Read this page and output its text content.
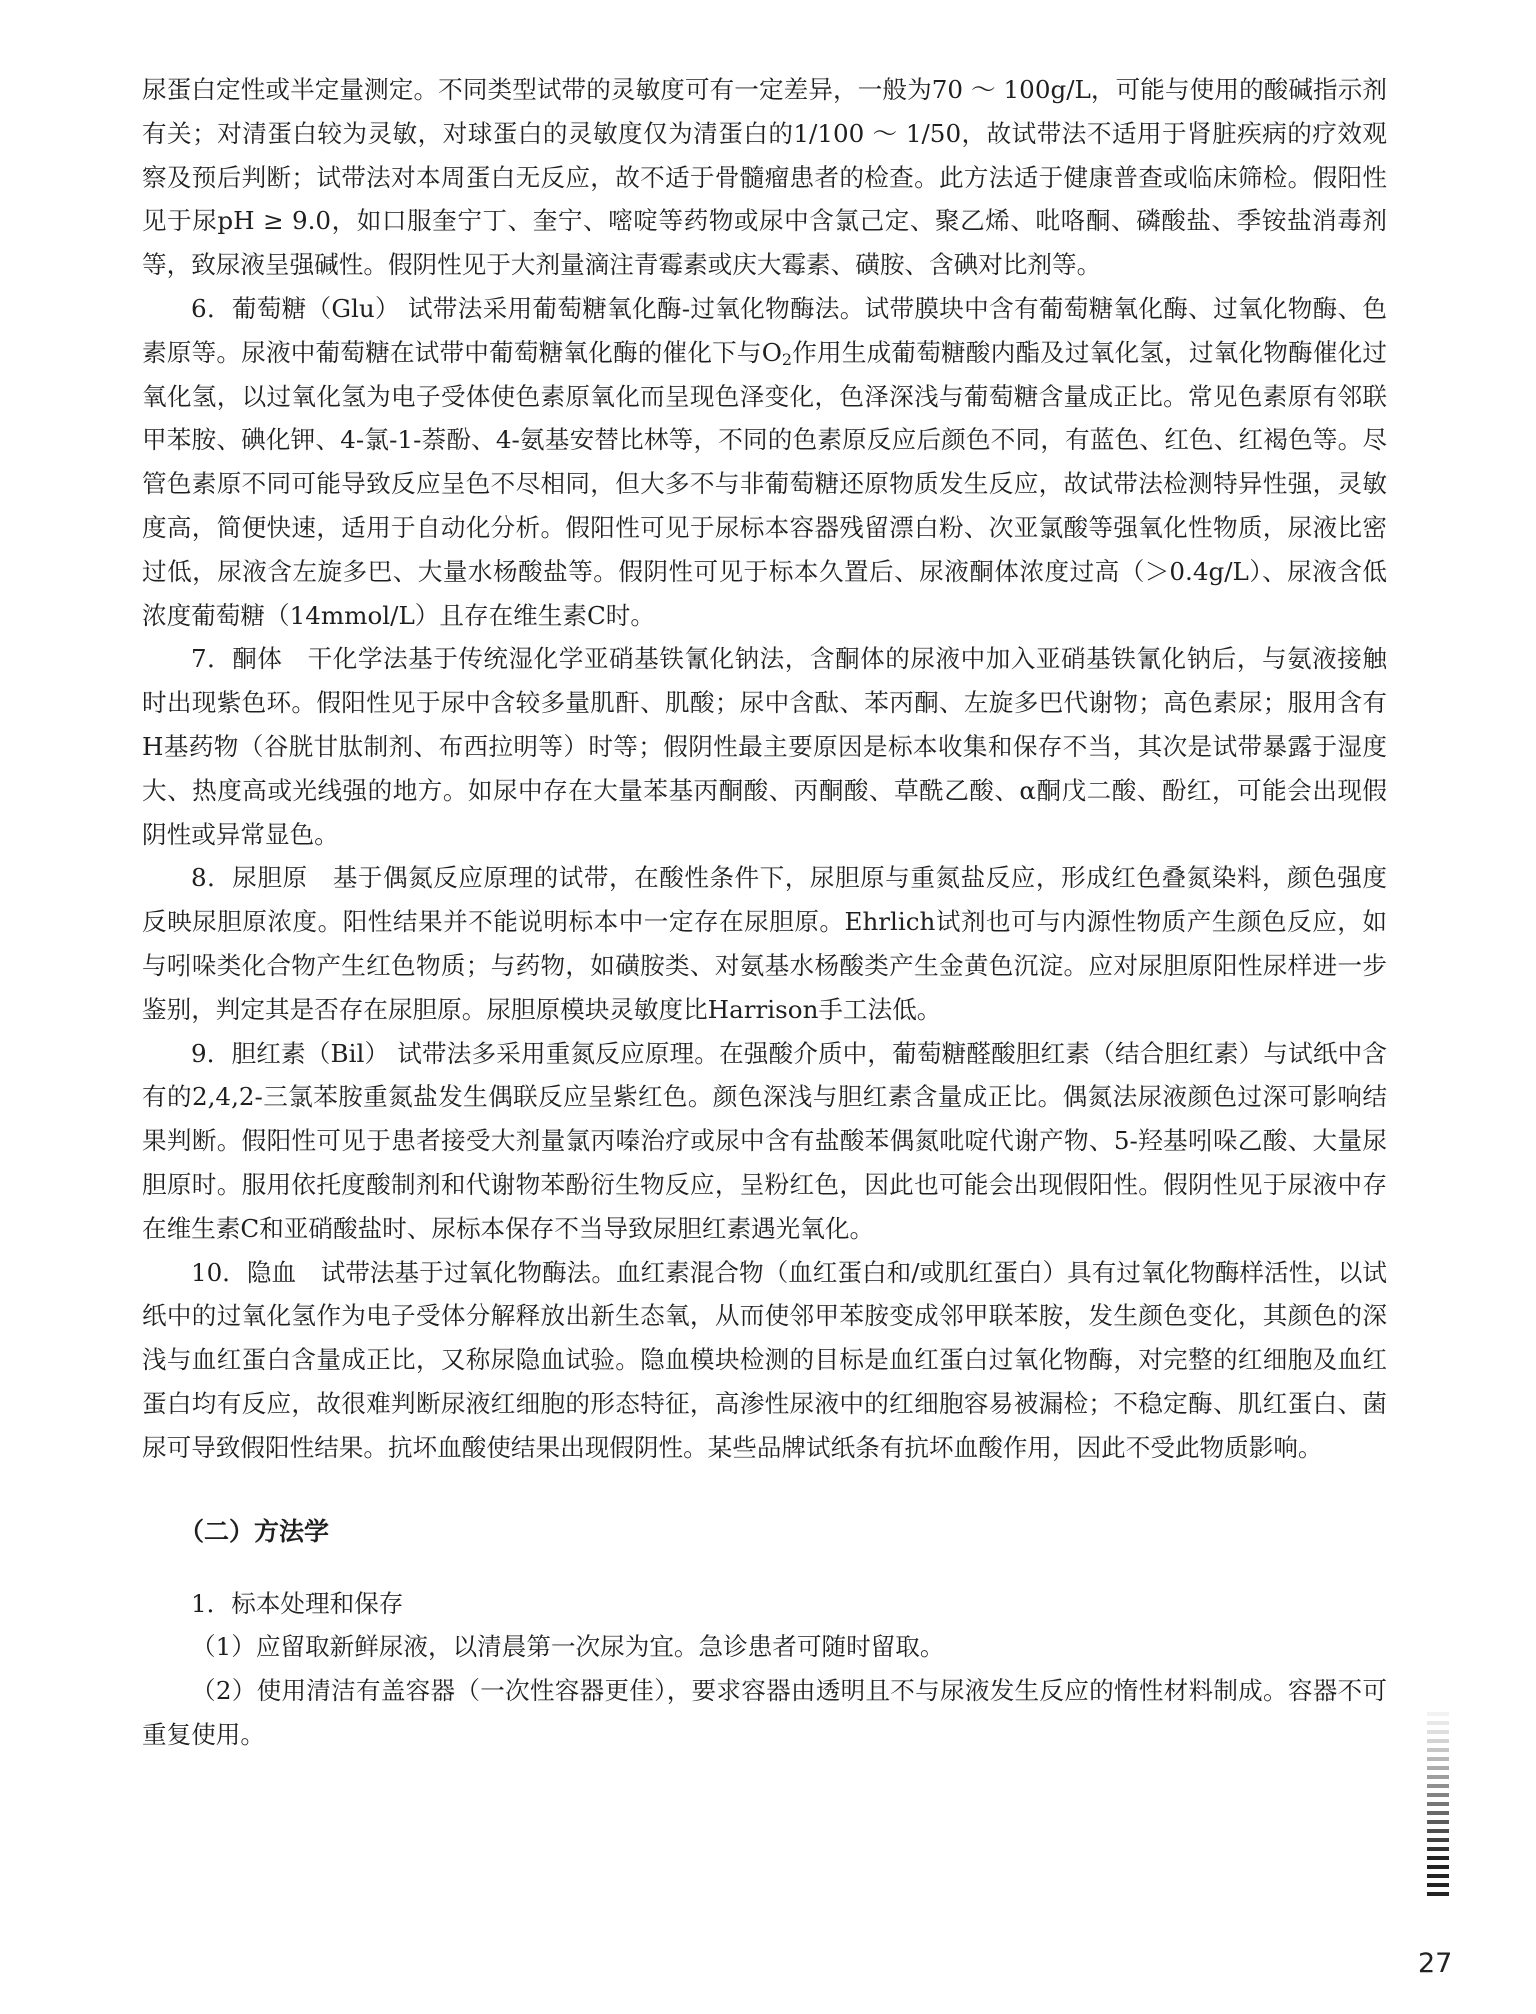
尿蛋白定性或半定量测定。不同类型试带的灵敏度可有一定差异，一般为70 ～ 100g/L，可能与使用的酸碱指示剂有关；对清蛋白较为灵敏，对球蛋白的灵敏度仅为清蛋白的1/100 ～ 1/50，故试带法不适用于肾脏疾病的疗效观察及预后判断；试带法对本周蛋白无反应，故不适于骨髓瘤患者的检查。此方法适于健康普查或临床筛检。假阳性见于尿pH ≥ 9.0，如口服奎宁丁、奎宁、嘧啶等药物或尿中含氯己定、聚乙烯、吡咯酮、磷酸盐、季铵盐消毒剂等，致尿液呈强碱性。假阴性见于大剂量滴注青霉素或庆大霉素、磺胺、含碘对比剂等。

6．葡萄糖（Glu） 试带法采用葡萄糖氧化酶-过氧化物酶法。试带膜块中含有葡萄糖氧化酶、过氧化物酶、色素原等。尿液中葡萄糖在试带中葡萄糖氧化酶的催化下与$O_2$作用生成葡萄糖酸内酯及过氧化氢，过氧化物酶催化过氧化氢，以过氧化氢为电子受体使色素原氧化而呈现色泽变化，色泽深浅与葡萄糖含量成正比。常见色素原有邻联甲苯胺、碘化钾、4-氯-1-萘酚、4-氨基安替比林等，不同的色素原反应后颜色不同，有蓝色、红色、红褐色等。尽管色素原不同可能导致反应呈色不尽相同，但大多不与非葡萄糖还原物质发生反应，故试带法检测特异性强，灵敏度高，简便快速，适用于自动化分析。假阳性可见于尿标本容器残留漂白粉、次亚氯酸等强氧化性物质，尿液比密过低，尿液含左旋多巴、大量水杨酸盐等。假阴性可见于标本久置后、尿液酮体浓度过高（＞0.4g/L）、尿液含低浓度葡萄糖（14mmol/L）且存在维生素C时。

7．酮体　干化学法基于传统湿化学亚硝基铁氰化钠法，含酮体的尿液中加入亚硝基铁氰化钠后，与氨液接触时出现紫色环。假阳性见于尿中含较多量肌酐、肌酸；尿中含酞、苯丙酮、左旋多巴代谢物；高色素尿；服用含有H基药物（谷胱甘肽制剂、布西拉明等）时等；假阴性最主要原因是标本收集和保存不当，其次是试带暴露于湿度大、热度高或光线强的地方。如尿中存在大量苯基丙酮酸、丙酮酸、草酰乙酸、α酮戊二酸、酚红，可能会出现假阴性或异常显色。

8．尿胆原　基于偶氮反应原理的试带，在酸性条件下，尿胆原与重氮盐反应，形成红色叠氮染料，颜色强度反映尿胆原浓度。阳性结果并不能说明标本中一定存在尿胆原。Ehrlich试剂也可与内源性物质产生颜色反应，如与吲哚类化合物产生红色物质；与药物，如磺胺类、对氨基水杨酸类产生金黄色沉淀。应对尿胆原阳性尿样进一步鉴别，判定其是否存在尿胆原。尿胆原模块灵敏度比Harrison手工法低。

9．胆红素（Bil） 试带法多采用重氮反应原理。在强酸介质中，葡萄糖醛酸胆红素（结合胆红素）与试纸中含有的2,4,2-三氯苯胺重氮盐发生偶联反应呈紫红色。颜色深浅与胆红素含量成正比。偶氮法尿液颜色过深可影响结果判断。假阳性可见于患者接受大剂量氯丙嗪治疗或尿中含有盐酸苯偶氮吡啶代谢产物、5-羟基吲哚乙酸、大量尿胆原时。服用依托度酸制剂和代谢物苯酚衍生物反应，呈粉红色，因此也可能会出现假阳性。假阴性见于尿液中存在维生素C和亚硝酸盐时、尿标本保存不当导致尿胆红素遇光氧化。

10．隐血　试带法基于过氧化物酶法。血红素混合物（血红蛋白和/或肌红蛋白）具有过氧化物酶样活性，以试纸中的过氧化氢作为电子受体分解释放出新生态氧，从而使邻甲苯胺变成邻甲联苯胺，发生颜色变化，其颜色的深浅与血红蛋白含量成正比，又称尿隐血试验。隐血模块检测的目标是血红蛋白过氧化物酶，对完整的红细胞及血红蛋白均有反应，故很难判断尿液红细胞的形态特征，高渗性尿液中的红细胞容易被漏检；不稳定酶、肌红蛋白、菌尿可导致假阳性结果。抗坏血酸使结果出现假阴性。某些品牌试纸条有抗坏血酸作用，因此不受此物质影响。

（二）方法学

1．标本处理和保存

（1）应留取新鲜尿液，以清晨第一次尿为宜。急诊患者可随时留取。

（2）使用清洁有盖容器（一次性容器更佳），要求容器由透明且不与尿液发生反应的惰性材料制成。容器不可重复使用。

27
